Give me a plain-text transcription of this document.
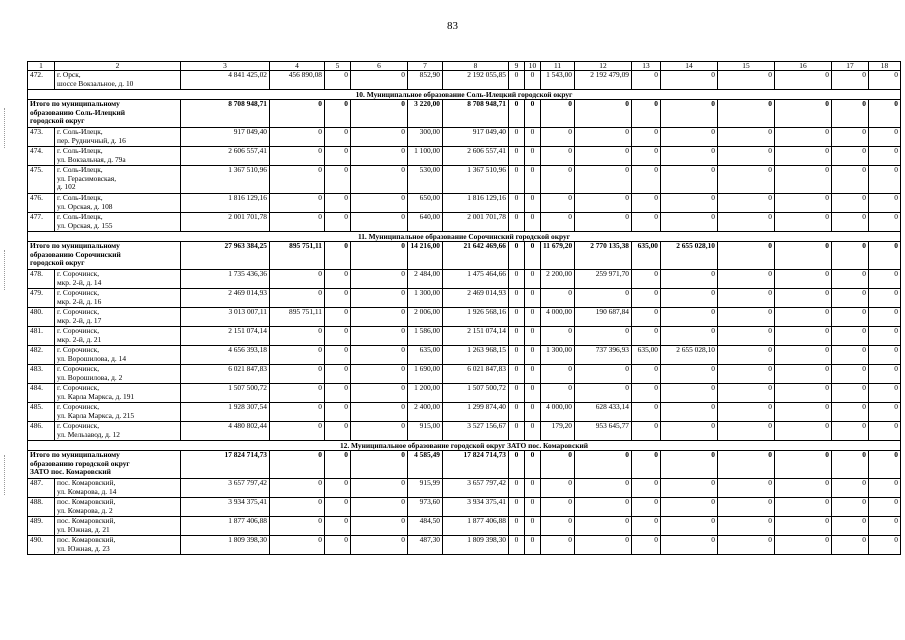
83
1	2	3	4	5	6	7	8	9	10	11	12	13	14	15	16	17	18
472.	г. Орск,
шоссе Вокзальное, д. 10	4 841 425,02	456 890,08	0	0	852,90	2 192 055,85	0	0	1 543,00	2 192 479,09	0	0	0	0	0	0
10. Муниципальное образование Соль-Илецкий городской округ																	

Итого по муниципальному
образованию Соль-Илецкий
городской округ		8 708 948,71	0	0	0	3 220,00	8 708 948,71	0	0	0	0	0	0	0	0	0	0
473.	г. Соль-Илецк,
пер. Рудничный, д. 16	917 049,40	0	0	0	300,00	917 049,40	0	0	0	0	0	0	0	0	0	0
474.	г. Соль-Илецк,
ул. Вокзальная, д. 79а	2 606 557,41	0	0	0	1 100,00	2 606 557,41	0	0	0	0	0	0	0	0	0	0
475.	г. Соль-Илецк,
ул. Герасимовская,
д. 102	1 367 510,96	0	0	0	530,00	1 367 510,96	0	0	0	0	0	0	0	0	0	0
476.	г. Соль-Илецк,
ул. Орская, д. 108	1 816 129,16	0	0	0	650,00	1 816 129,16	0	0	0	0	0	0	0	0	0	0
477.	г. Соль-Илецк,
ул. Орская, д. 155	2 001 701,78	0	0	0	640,00	2 001 701,78	0	0	0	0	0	0	0	0	0	0
11. Муниципальное образование Сорочинский городской округ																	

Итого по муниципальному
образованию Сорочинский
городской округ		27 963 384,25	895 751,11	0	0	14 216,00	21 642 469,66	0	0	11 679,20	2 770 135,38	635,00	2 655 028,10	0	0	0	0
478.	г. Сорочинск,
мкр. 2-й, д. 14	1 735 436,36	0	0	0	2 484,00	1 475 464,66	0	0	2 200,00	259 971,70	0	0	0	0	0	0
479.	г. Сорочинск,
мкр. 2-й, д. 16	2 469 014,93	0	0	0	1 300,00	2 469 014,93	0	0	0	0	0	0	0	0	0	0
480.	г. Сорочинск,
мкр. 2-й, д. 17	3 013 007,11	895 751,11	0	0	2 006,00	1 926 568,16	0	0	4 000,00	190 687,84	0	0	0	0	0	0
481.	г. Сорочинск,
мкр. 2-й, д. 21	2 151 074,14	0	0	0	1 586,00	2 151 074,14	0	0	0	0	0	0	0	0	0	0
482.	г. Сорочинск,
ул. Ворошилова, д. 14	4 656 393,18	0	0	0	635,00	1 263 968,15	0	0	1 300,00	737 396,93	635,00	2 655 028,10	0	0	0	0
483.	г. Сорочинск,
ул. Ворошилова, д. 2	6 021 847,83	0	0	0	1 690,00	6 021 847,83	0	0	0	0	0	0	0	0	0	0
484.	г. Сорочинск,
ул. Карла Маркса, д. 191	1 507 500,72	0	0	0	1 200,00	1 507 500,72	0	0	0	0	0	0	0	0	0	0
485.	г. Сорочинск,
ул. Карла Маркса, д. 215	1 928 307,54	0	0	0	2 400,00	1 299 874,40	0	0	4 000,00	628 433,14	0	0	0	0	0	0
486.	г. Сорочинск,
ул. Мельзавод, д. 12	4 480 802,44	0	0	0	915,00	3 527 156,67	0	0	179,20	953 645,77	0	0	0	0	0	0
12. Муниципальное образование городской округ ЗАТО пос. Комаровский																	

Итого по муниципальному
образованию городской округ
ЗАТО пос. Комаровский		17 824 714,73	0	0	0	4 585,49	17 824 714,73	0	0	0	0	0	0	0	0	0	0
487.	пос. Комаровский,
ул. Комарова, д. 14	3 657 797,42	0	0	0	915,99	3 657 797,42	0	0	0	0	0	0	0	0	0	0
488.	пос. Комаровский,
ул. Комарова, д. 2	3 934 375,41	0	0	0	973,60	3 934 375,41	0	0	0	0	0	0	0	0	0	0
489.	пос. Комаровский,
ул. Южная, д. 21	1 877 406,88	0	0	0	484,50	1 877 406,88	0	0	0	0	0	0	0	0	0	0
490.	пос. Комаровский,
ул. Южная, д. 23	1 809 398,30	0	0	0	487,30	1 809 398,30	0	0	0	0	0	0	0	0	0	0
